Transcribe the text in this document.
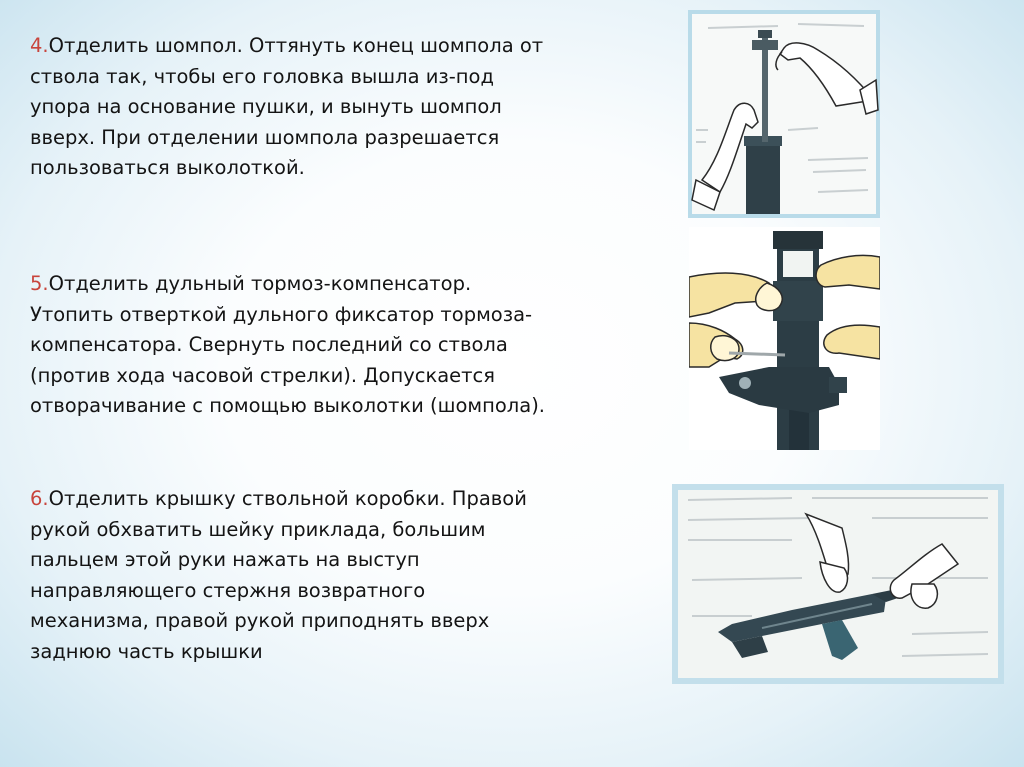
4.Отделить шомпол. Оттянуть конец шомпола от
ствола так, чтобы его головка вышла из-под
упора на основание пушки, и вынуть шомпол
вверх. При отделении шомпола разрешается
пользоваться выколоткой.

5.Отделить дульный тормоз-компенсатор.
Утопить отверткой дульного фиксатор тормоза-
компенсатора. Свернуть последний со ствола
(против хода часовой стрелки). Допускается
отворачивание с помощью выколотки (шомпола).

6.Отделить крышку ствольной коробки. Правой
рукой обхватить шейку приклада, большим
пальцем этой руки нажать на выступ
направляющего стержня возвратного
механизма, правой рукой приподнять вверх
заднюю часть крышки
